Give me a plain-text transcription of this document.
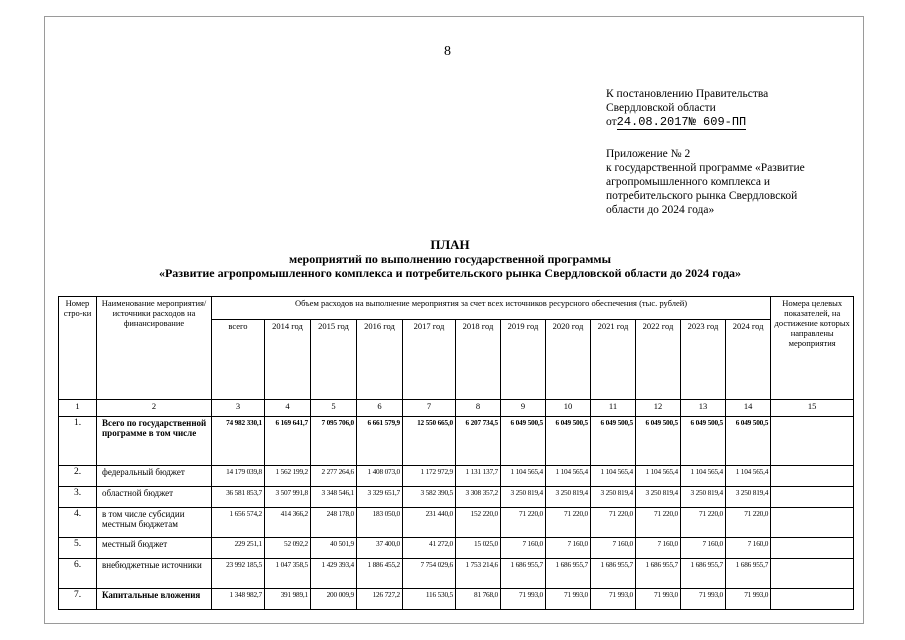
8
К постановлению Правительства
Свердловской области
от24.08.2017№ 609-ПП
Приложение № 2
к государственной программе «Развитие
агропромышленного комплекса и
потребительского рынка Свердловской
области до 2024 года»
ПЛАН
мероприятий по выполнению государственной программы
«Развитие агропромышленного комплекса и потребительского рынка Свердловской области до 2024 года»
Номер стро-ки	Наименование мероприятия/ источники расходов на финансирование	Объем расходов на выполнение мероприятия за счет всех источников ресурсного обеспечения (тыс. рублей)												Номера целевых показателей, на достижение которых направлены мероприятия
		всего	2014 год	2015 год	2016 год	2017 год	2018 год	2019 год	2020 год	2021 год	2022 год	2023 год	2024 год	
1	2	3	4	5	6	7	8	9	10	11	12	13	14	15
1.	Всего по государственной программе в том числе	74 982 330,1	6 169 641,7	7 095 706,0	6 661 579,9	12 550 665,0	6 207 734,5	6 049 500,5	6 049 500,5	6 049 500,5	6 049 500,5	6 049 500,5	6 049 500,5	
2.	федеральный бюджет	14 179 039,8	1 562 199,2	2 277 264,6	1 408 073,0	1 172 972,9	1 131 137,7	1 104 565,4	1 104 565,4	1 104 565,4	1 104 565,4	1 104 565,4	1 104 565,4	
3.	областной бюджет	36 581 853,7	3 507 991,8	3 348 546,1	3 329 651,7	3 582 390,5	3 308 357,2	3 250 819,4	3 250 819,4	3 250 819,4	3 250 819,4	3 250 819,4	3 250 819,4	
4.	в том числе субсидии местным бюджетам	1 656 574,2	414 366,2	248 178,0	183 050,0	231 440,0	152 220,0	71 220,0	71 220,0	71 220,0	71 220,0	71 220,0	71 220,0	
5.	местный бюджет	229 251,1	52 092,2	40 501,9	37 400,0	41 272,0	15 025,0	7 160,0	7 160,0	7 160,0	7 160,0	7 160,0	7 160,0	
6.	внебюджетные источники	23 992 185,5	1 047 358,5	1 429 393,4	1 886 455,2	7 754 029,6	1 753 214,6	1 686 955,7	1 686 955,7	1 686 955,7	1 686 955,7	1 686 955,7	1 686 955,7	
7.	Капитальные вложения	1 348 982,7	391 989,1	200 009,9	126 727,2	116 530,5	81 768,0	71 993,0	71 993,0	71 993,0	71 993,0	71 993,0	71 993,0	
